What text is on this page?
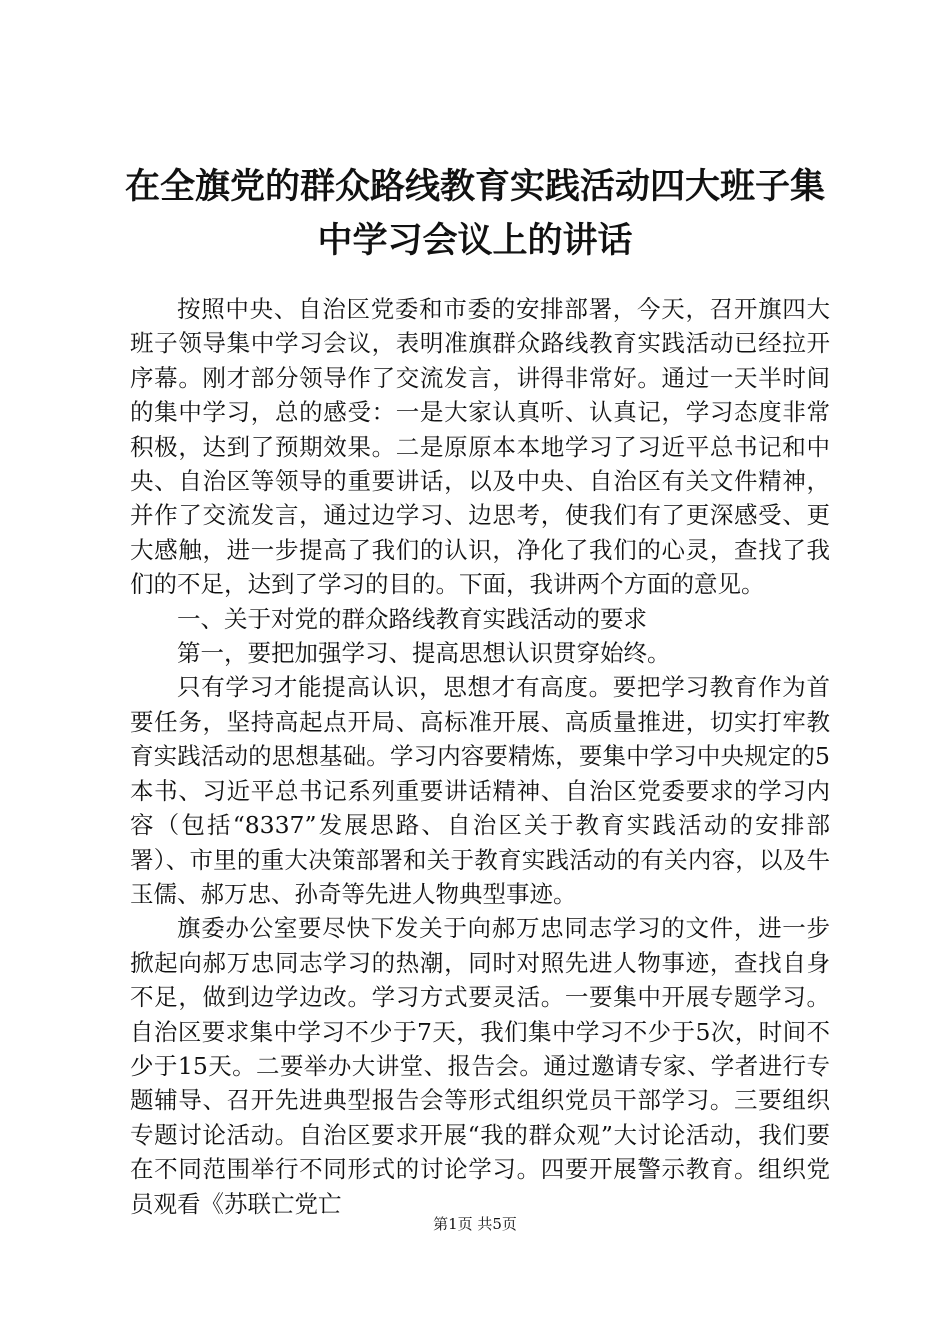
在全旗党的群众路线教育实践活动四大班子集中学习会议上的讲话

按照中央、自治区党委和市委的安排部署，今天，召开旗四大班子领导集中学习会议，表明准旗群众路线教育实践活动已经拉开序幕。刚才部分领导作了交流发言，讲得非常好。通过一天半时间的集中学习，总的感受：一是大家认真听、认真记，学习态度非常积极，达到了预期效果。二是原原本本地学习了习近平总书记和中央、自治区等领导的重要讲话，以及中央、自治区有关文件精神，并作了交流发言，通过边学习、边思考，使我们有了更深感受、更大感触，进一步提高了我们的认识，净化了我们的心灵，查找了我们的不足，达到了学习的目的。下面，我讲两个方面的意见。

一、关于对党的群众路线教育实践活动的要求

第一，要把加强学习、提高思想认识贯穿始终。

只有学习才能提高认识，思想才有高度。要把学习教育作为首要任务，坚持高起点开局、高标准开展、高质量推进，切实打牢教育实践活动的思想基础。学习内容要精炼，要集中学习中央规定的5本书、习近平总书记系列重要讲话精神、自治区党委要求的学习内容（包括“8337”发展思路、自治区关于教育实践活动的安排部署）、市里的重大决策部署和关于教育实践活动的有关内容，以及牛玉儒、郝万忠、孙奇等先进人物典型事迹。

旗委办公室要尽快下发关于向郝万忠同志学习的文件，进一步掀起向郝万忠同志学习的热潮，同时对照先进人物事迹，查找自身不足，做到边学边改。学习方式要灵活。一要集中开展专题学习。自治区要求集中学习不少于7天，我们集中学习不少于5次，时间不少于15天。二要举办大讲堂、报告会。通过邀请专家、学者进行专题辅导、召开先进典型报告会等形式组织党员干部学习。三要组织专题讨论活动。自治区要求开展“我的群众观”大讨论活动，我们要在不同范围举行不同形式的讨论学习。四要开展警示教育。组织党员观看《苏联亡党亡

第1页 共5页
